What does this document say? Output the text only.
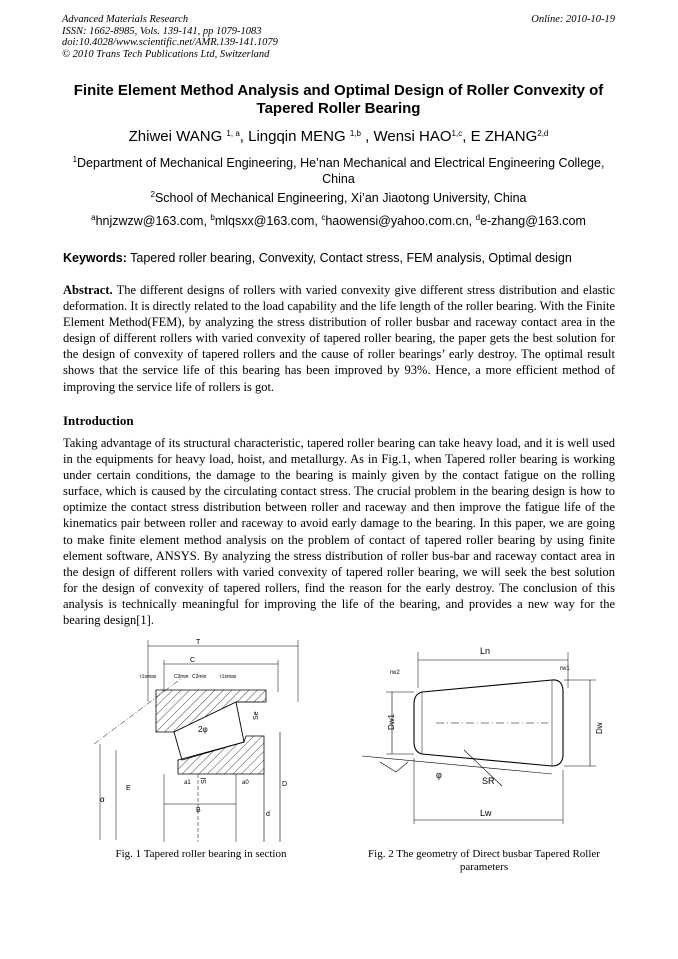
Advanced Materials Research
ISSN: 1662-8985, Vols. 139-141, pp 1079-1083
doi:10.4028/www.scientific.net/AMR.139-141.1079
© 2010 Trans Tech Publications Ltd, Switzerland
Online: 2010-10-19
Finite Element Method Analysis and Optimal Design of Roller Convexity of Tapered Roller Bearing
Zhiwei WANG $^{1, a}$, Lingqin MENG $^{1,b}$ , Wensi HAO$^{1,c}$, E ZHANG$^{2,d}$
$^1$Department of Mechanical Engineering, He’nan Mechanical and Electrical Engineering College, China
$^2$School of Mechanical Engineering, Xi’an Jiaotong University, China
$^a$hnjzwzw@163.com, $^b$mlqsxx@163.com, $^c$haowensi@yahoo.com.cn, $^d$e-zhang@163.com
Keywords: Tapered roller bearing, Convexity, Contact stress, FEM analysis, Optimal design
Abstract. The different designs of rollers with varied convexity give different stress distribution and elastic deformation. It is directly related to the load capability and the life length of the roller bearing. With the Finite Element Method(FEM), by analyzing the stress distribution of roller busbar and raceway contact area in the design of different rollers with varied convexity of tapered roller bearing, the paper gets the best solution for the design of convexity of tapered rollers and the cause of roller bearings’ early destroy. The optimal result shows that the service life of this bearing has been improved by 93%. Hence, a more efficient method of improving the service life of rollers is got.
Introduction
Taking advantage of its structural characteristic, tapered roller bearing can take heavy load, and it is well used in the equipments for heavy load, hoist, and metallurgy. As in Fig.1, when Tapered roller bearing is working under certain conditions, the damage to the bearing is mainly given by the contact fatigue on the rolling surface, which is caused by the circulating contact stress. The crucial problem in the bearing design is how to optimize the contact stress distribution between roller and raceway and then improve the fatigue life of the kinematics pair between roller and raceway to avoid early damage to the bearing. In this paper, we are going to make finite element method analysis on the problem of contact of tapered roller bearing by using finite element software, ANSYS. By analyzing the stress distribution of roller bus-bar and raceway contact area in the design of different rollers with varied convexity of tapered roller bearing, we will seek the best solution for the design of convexity of tapered rollers, find the reason for the early destroy. The conclusion of this analysis is technically meaningful for improving the life of the bearing, and provides a new way for the bearing design[1].
T
C
r1smax	C3min C2min	r1smax
2φ
Se
E
α
a1 Sl	a0	D
B
d
Fig. 1 Tapered roller bearing in section
Ln
rw2
rw1
Dw1	Dw
φ
SR
Lw
Fig. 2 The geometry of Direct busbar Tapered Roller parameters
